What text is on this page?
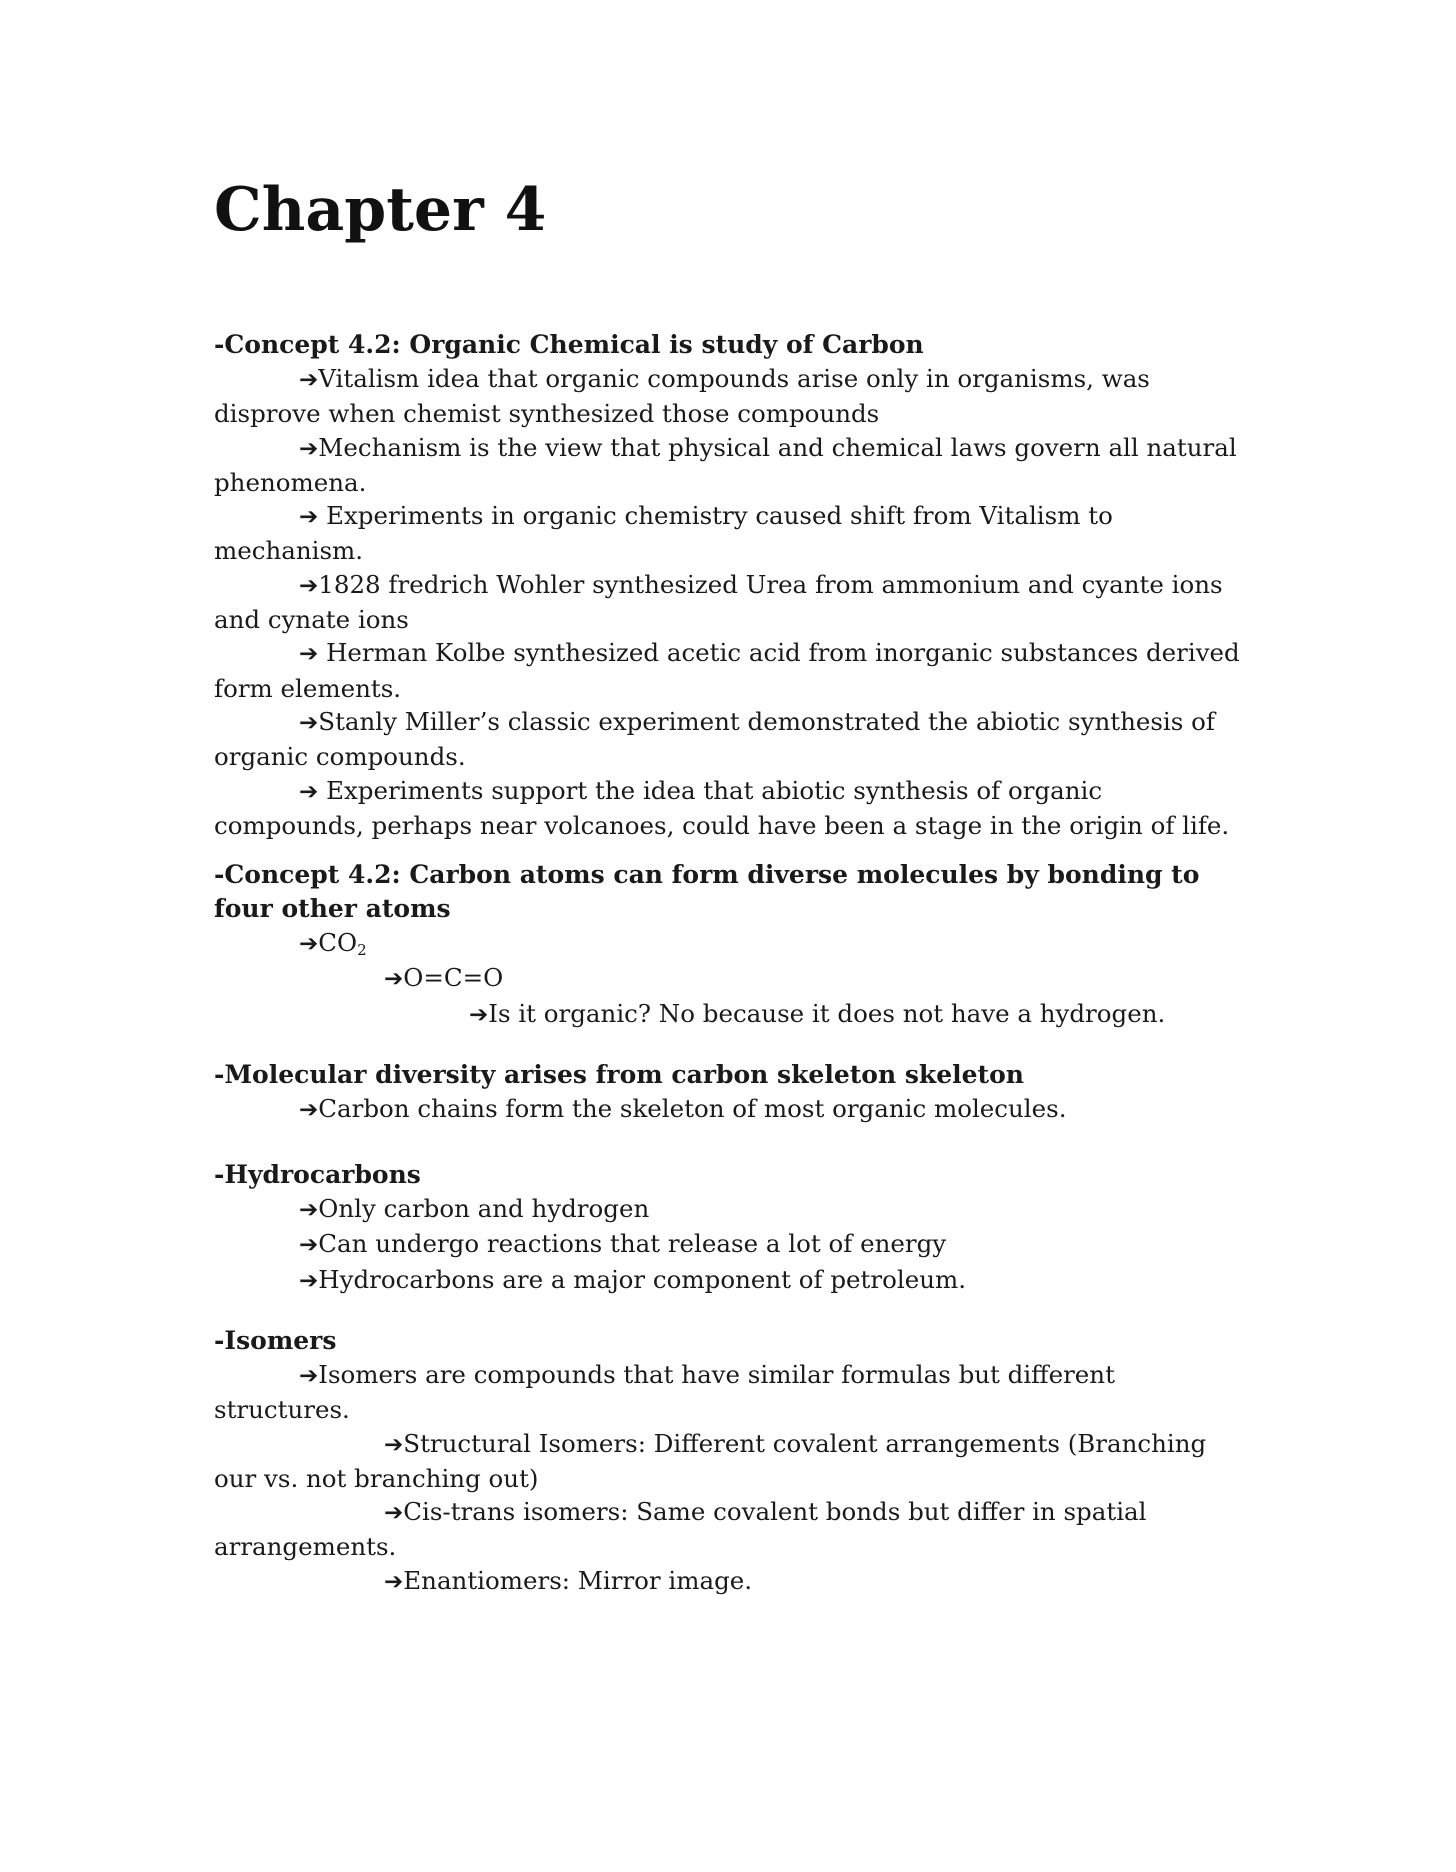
Chapter 4

-Concept 4.2: Organic Chemical is study of Carbon

➔Vitalism idea that organic compounds arise only in organisms, was disprove when chemist synthesized those compounds

➔Mechanism is the view that physical and chemical laws govern all natural phenomena.

➔ Experiments in organic chemistry caused shift from Vitalism to mechanism.

➔1828 fredrich Wohler synthesized Urea from ammonium and cyante ions and cynate ions

➔ Herman Kolbe synthesized acetic acid from inorganic substances derived form elements.

➔Stanly Miller’s classic experiment demonstrated the abiotic synthesis of organic compounds.

➔ Experiments support the idea that abiotic synthesis of organic compounds, perhaps near volcanoes, could have been a stage in the origin of life.

-Concept 4.2: Carbon atoms can form diverse molecules by bonding to four other atoms

$➔CO_2$

➔O=C=O

➔Is it organic? No because it does not have a hydrogen.

-Molecular diversity arises from carbon skeleton skeleton

➔Carbon chains form the skeleton of most organic molecules.

-Hydrocarbons

➔Only carbon and hydrogen

➔Can undergo reactions that release a lot of energy

➔Hydrocarbons are a major component of petroleum.

-Isomers

➔Isomers are compounds that have similar formulas but different structures.

➔Structural Isomers: Different covalent arrangements (Branching our vs. not branching out)

➔Cis-trans isomers: Same covalent bonds but differ in spatial arrangements.

➔Enantiomers: Mirror image.
